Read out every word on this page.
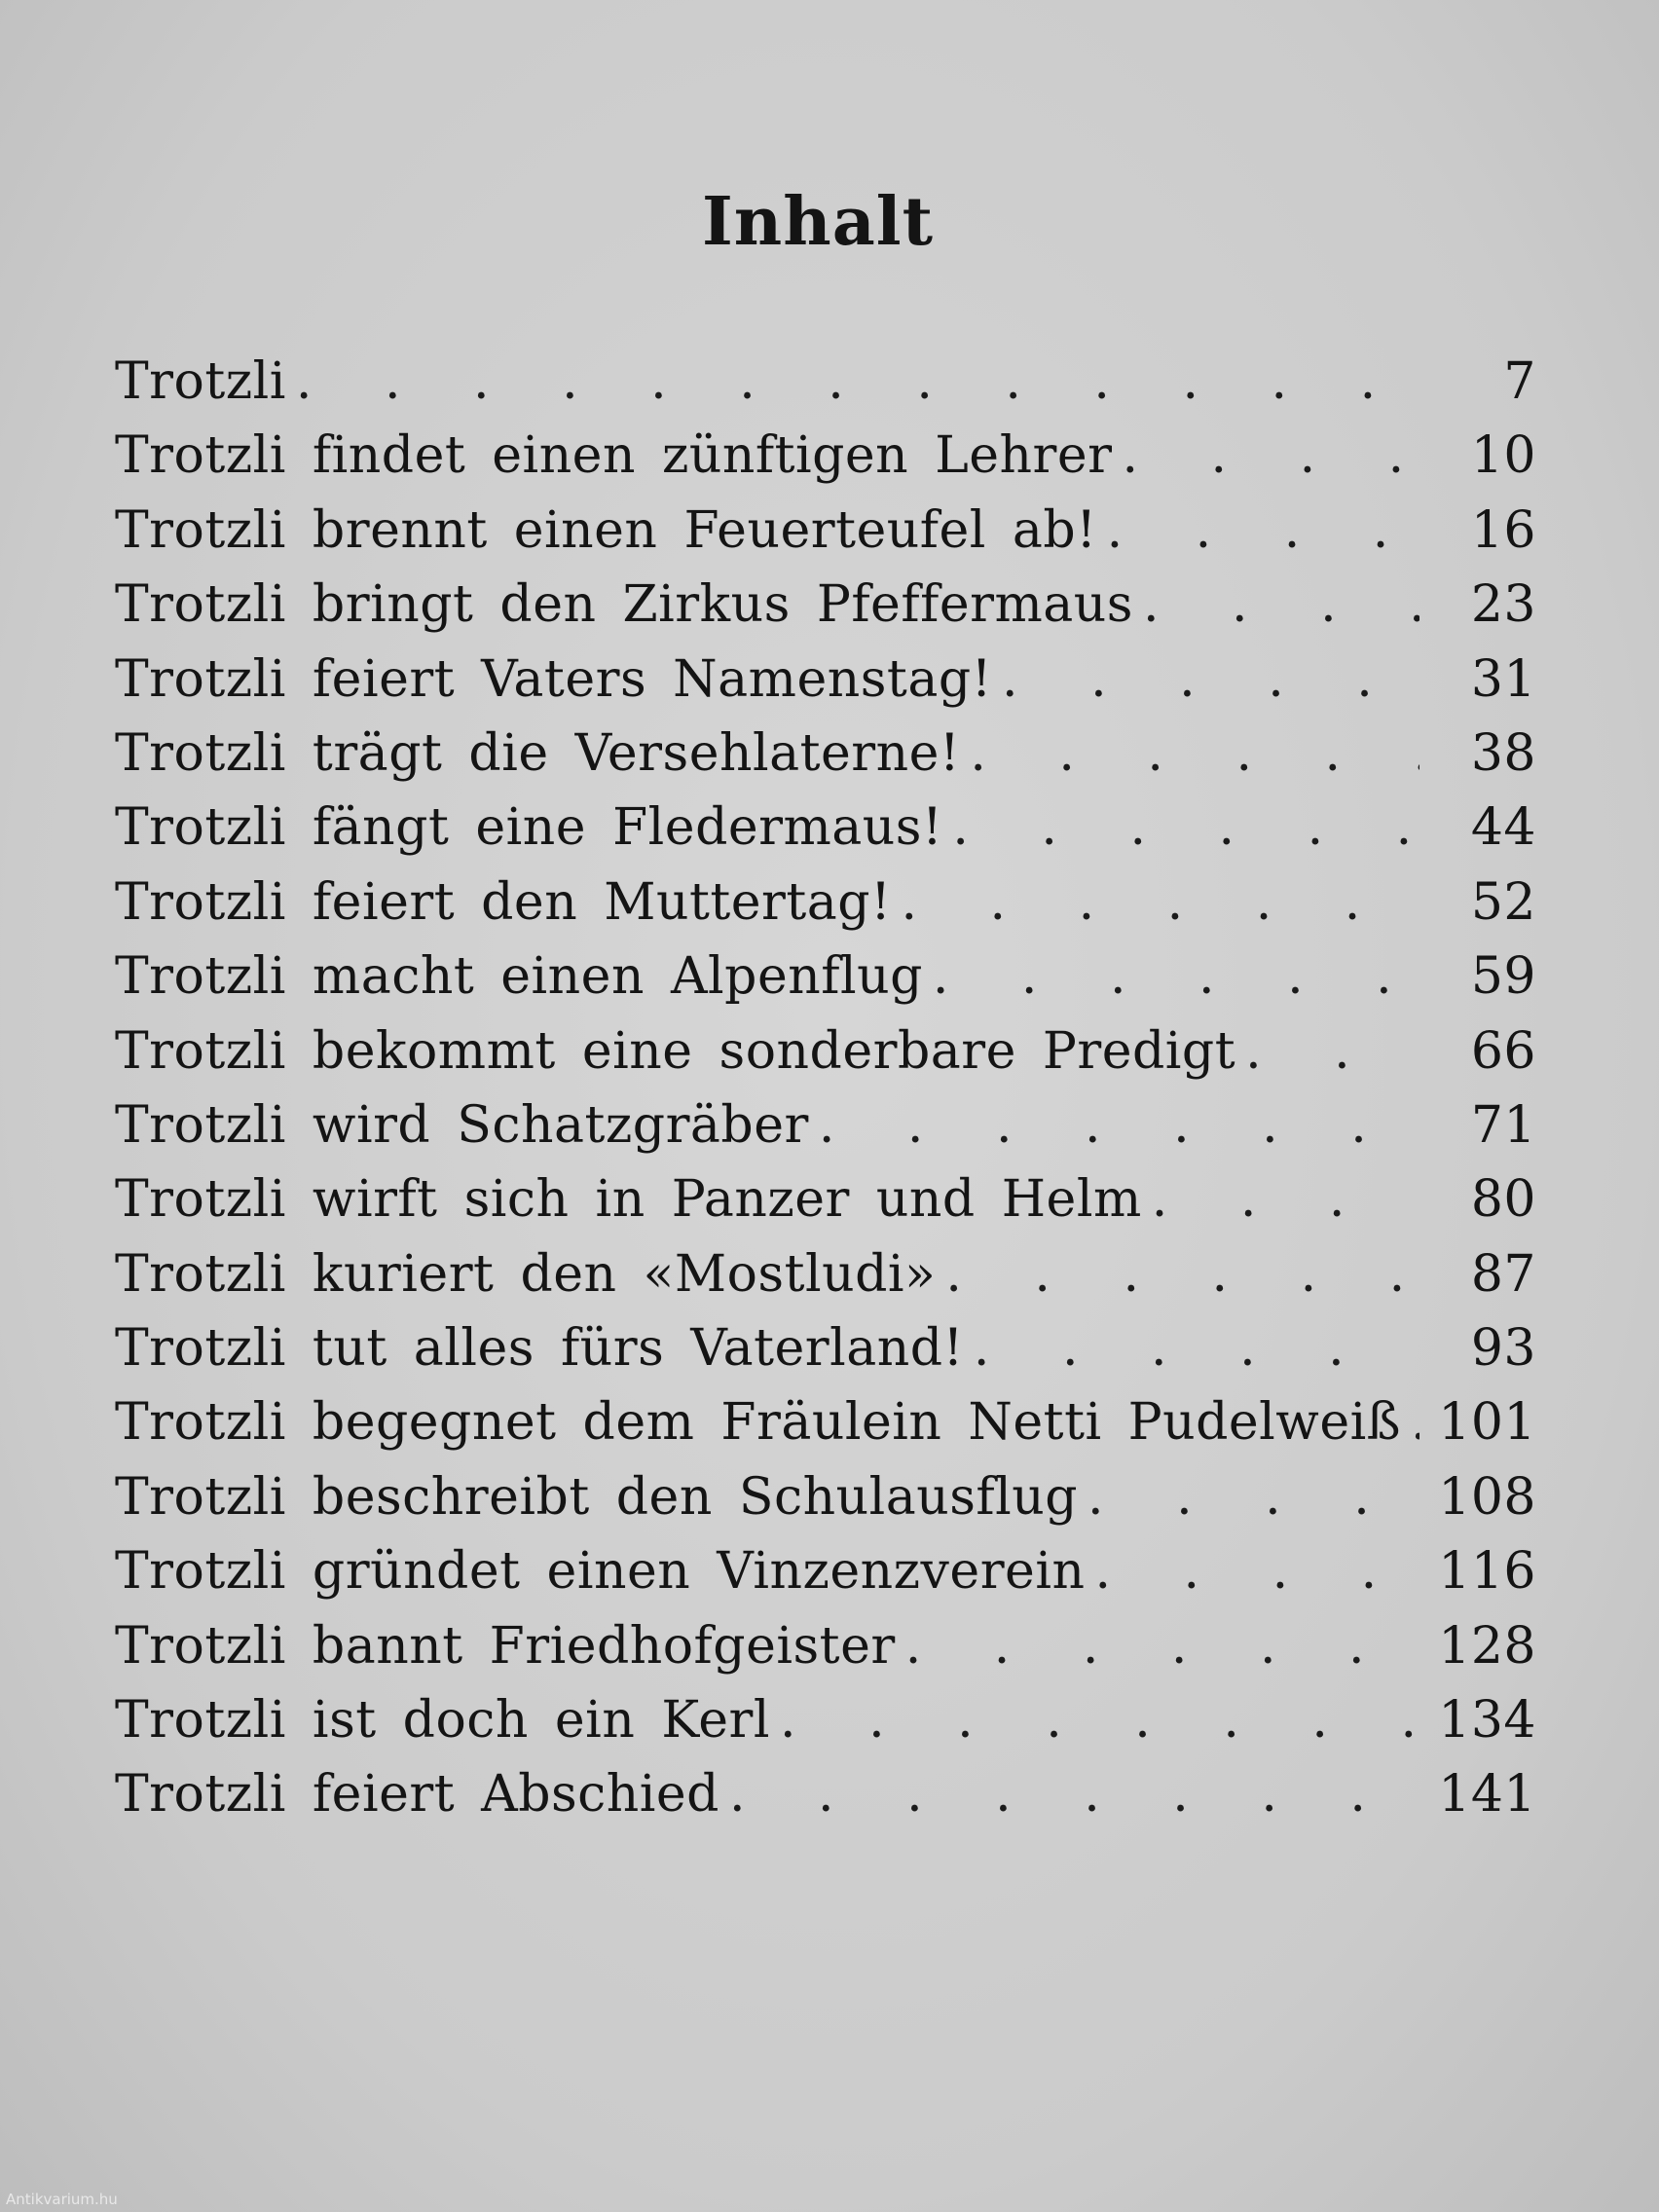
Inhalt
Trotzli . . .	7
Trotzli findet einen zünftigen Lehrer . . .	10
Trotzli brennt einen Feuerteufel ab! . . .	16
Trotzli bringt den Zirkus Pfeffermaus . . .	23
Trotzli feiert Vaters Namenstag! . . .	31
Trotzli trägt die Versehlaterne! . . .	38
Trotzli fängt eine Fledermaus! . . .	44
Trotzli feiert den Muttertag! . . .	52
Trotzli macht einen Alpenflug . . .	59
Trotzli bekommt eine sonderbare Predigt . . .	66
Trotzli wird Schatzgräber . . .	71
Trotzli wirft sich in Panzer und Helm . . .	80
Trotzli kuriert den «Mostludi» . . .	87
Trotzli tut alles fürs Vaterland! . . .	93
Trotzli begegnet dem Fräulein Netti Pudelweiß . . . 101
Trotzli beschreibt den Schulausflug . . .	108
Trotzli gründet einen Vinzenzverein . . .	116
Trotzli bannt Friedhofgeister . . .	128
Trotzli ist doch ein Kerl . . .	134
Trotzli feiert Abschied . . .	141
Antikvarium.hu
